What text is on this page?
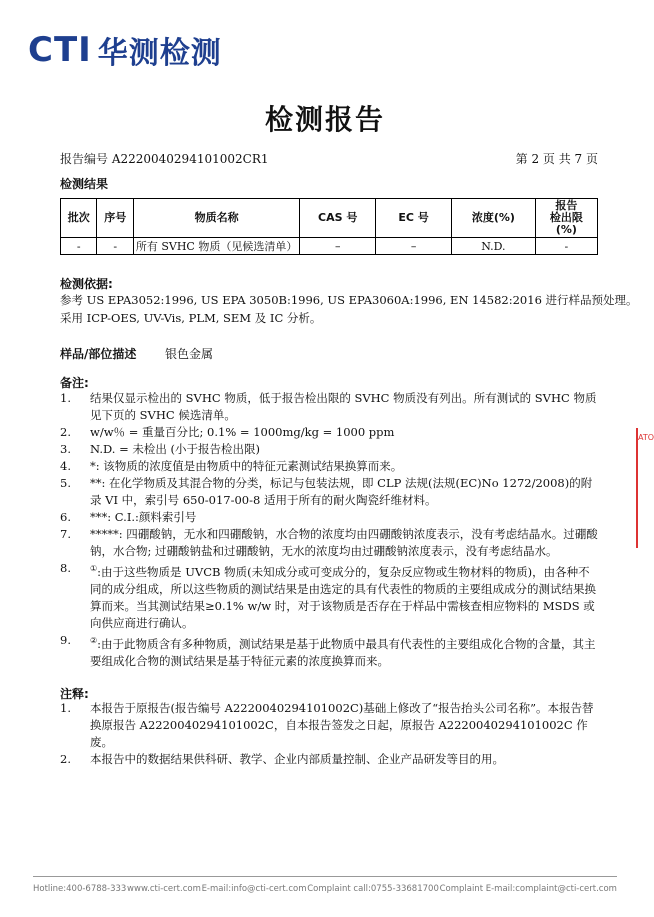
CTI 华测检测
检测报告
报告编号 A2220040294101002CR1	第 2 页 共 7 页
检测结果
批次	序号	物质名称	CAS 号	EC 号	浓度(%)	报告
检出限
(%)
-	-	所有 SVHC 物质（见候选清单）	–	–	N.D.	-
检测依据:
参考 US EPA3052:1996, US EPA 3050B:1996, US EPA3060A:1996, EN 14582:2016 进行样品预处理。
采用 ICP-OES, UV-Vis, PLM, SEM 及 IC 分析。
样品/部位描述 银色金属
备注:
1.	结果仅显示检出的 SVHC 物质，低于报告检出限的 SVHC 物质没有列出。所有测试的 SVHC 物质见下页的 SVHC 候选清单。
2.	w/w％ = 重量百分比; 0.1% = 1000mg/kg = 1000 ppm
3.	N.D. = 未检出 (小于报告检出限)
4.	*: 该物质的浓度值是由物质中的特征元素测试结果换算而来。
5.	**: 在化学物质及其混合物的分类，标记与包装法规，即 CLP 法规(法规(EC)No 1272/2008)的附录 VI 中，索引号 650-017-00-8 适用于所有的耐火陶瓷纤维材料。
6.	***: C.I.:颜料索引号
7.	*****: 四硼酸钠，无水和四硼酸钠，水合物的浓度均由四硼酸钠浓度表示，没有考虑结晶水。过硼酸钠，水合物; 过硼酸钠盐和过硼酸钠，无水的浓度均由过硼酸钠浓度表示，没有考虑结晶水。
8.	①:由于这些物质是 UVCB 物质(未知成分或可变成分的，复杂反应物或生物材料的物质)，由各种不同的成分组成，所以这些物质的测试结果是由选定的具有代表性的物质的主要组成成分的测试结果换算而来。当其测试结果≥0.1% w/w 时，对于该物质是否存在于样品中需核查相应物料的 MSDS 或向供应商进行确认。
9.	②:由于此物质含有多种物质，测试结果是基于此物质中最具有代表性的主要组成化合物的含量，其主要组成化合物的测试结果是基于特征元素的浓度换算而来。
注释:
1.	本报告于原报告(报告编号 A2220040294101002C)基础上修改了“报告抬头公司名称”。本报告替换原报告 A2220040294101002C，自本报告签发之日起，原报告 A2220040294101002C 作废。
2.	本报告中的数据结果供科研、教学、企业内部质量控制、企业产品研发等目的用。
ATO
Hotline:400-6788-333 www.cti-cert.com E-mail:info@cti-cert.com Complaint call:0755-33681700 Complaint E-mail:complaint@cti-cert.com
